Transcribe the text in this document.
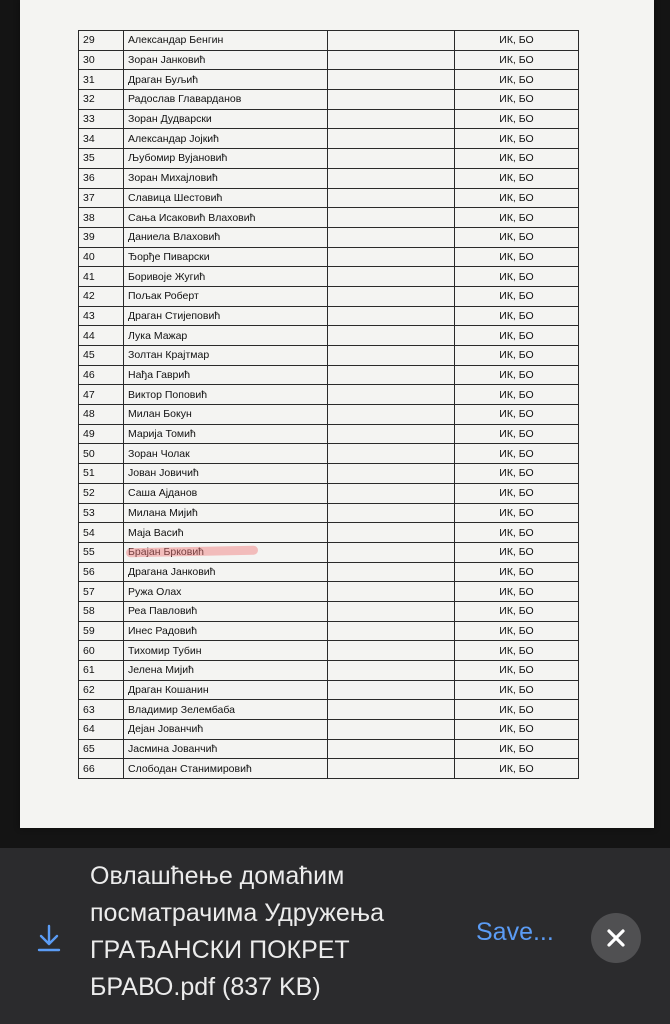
29	Александар Бенгин		ИК, БО
30	Зоран Јанковић		ИК, БО
31	Драган Буљић		ИК, БО
32	Радослав Главарданов		ИК, БО
33	Зоран Дудварски		ИК, БО
34	Александар Јојкић		ИК, БО
35	Љубомир Вујановић		ИК, БО
36	Зоран Михајловић		ИК, БО
37	Славица Шестовић		ИК, БО
38	Сања Исаковић Влаховић		ИК, БО
39	Даниела Влаховић		ИК, БО
40	Ђорђе Пиварски		ИК, БО
41	Боривоје Жугић		ИК, БО
42	Пољак Роберт		ИК, БО
43	Драган Стијеповић		ИК, БО
44	Лука Мажар		ИК, БО
45	Золтан Крајтмар		ИК, БО
46	Нађа Гаврић		ИК, БО
47	Виктор Поповић		ИК, БО
48	Милан Бокун		ИК, БО
49	Марија Томић		ИК, БО
50	Зоран Чолак		ИК, БО
51	Јован Јовичић		ИК, БО
52	Саша Ајданов		ИК, БО
53	Милана Мијић		ИК, БО
54	Маја Васић		ИК, БО
55	Брајан Брковић		ИК, БО
56	Драгана Јанковић		ИК, БО
57	Ружа Олах		ИК, БО
58	Реа Павловић		ИК, БО
59	Инес Радовић		ИК, БО
60	Тихомир Тубин		ИК, БО
61	Јелена Мијић		ИК, БО
62	Драган Кошанин		ИК, БО
63	Владимир Зелембаба		ИК, БО
64	Дејан Јованчић		ИК, БО
65	Јасмина Јованчић		ИК, БО
66	Слободан Станимировић		ИК, БО
Овлашћење домаћим посматрачима Удружења ГРАЂАНСКИ ПОКРЕТ БРАВО.pdf (837 KB)
Save...
